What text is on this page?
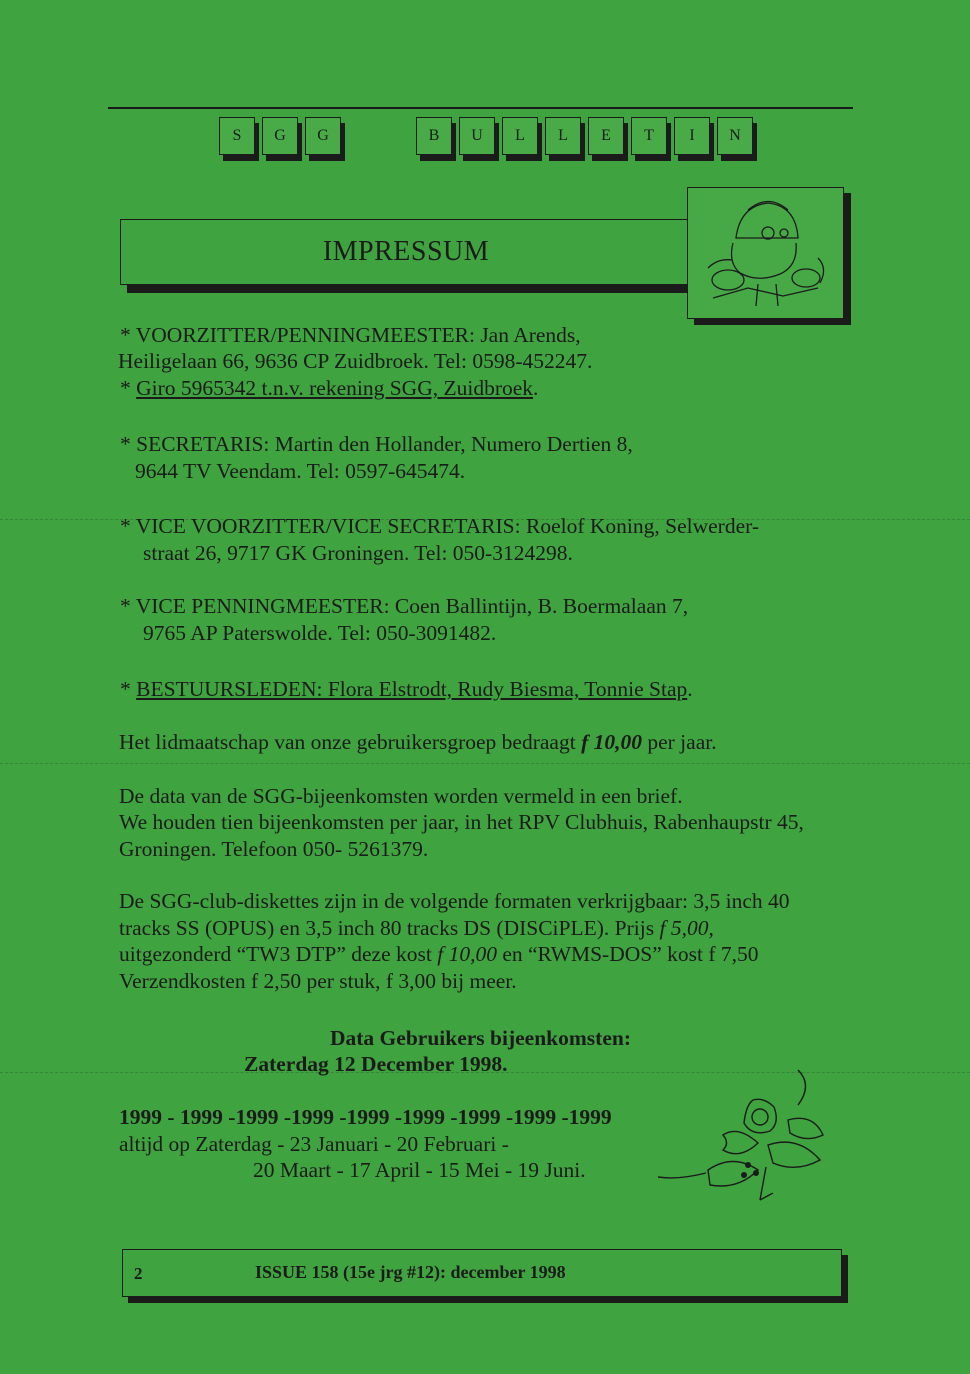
S	G	G	B	U	L	L	E	T	I	N
IMPRESSUM
* VOORZITTER/PENNINGMEESTER: Jan Arends,
Heiligelaan 66, 9636 CP Zuidbroek. Tel: 0598-452247.
* Giro 5965342 t.n.v. rekening SGG, Zuidbroek.
* SECRETARIS: Martin den Hollander, Numero Dertien 8,
9644 TV Veendam. Tel: 0597-645474.
* VICE VOORZITTER/VICE SECRETARIS: Roelof Koning, Selwerder-
straat 26, 9717 GK Groningen. Tel: 050-3124298.
* VICE PENNINGMEESTER: Coen Ballintijn, B. Boermalaan 7,
9765 AP Paterswolde. Tel: 050-3091482.
* BESTUURSLEDEN: Flora Elstrodt, Rudy Biesma, Tonnie Stap.
Het lidmaatschap van onze gebruikersgroep bedraagt f 10,00 per jaar.
De data van de SGG-bijeenkomsten worden vermeld in een brief.
We houden tien bijeenkomsten per jaar, in het RPV Clubhuis, Rabenhaupstr 45,
Groningen. Telefoon 050- 5261379.
De SGG-club-diskettes zijn in de volgende formaten verkrijgbaar: 3,5 inch 40
tracks SS (OPUS) en 3,5 inch 80 tracks DS (DISCiPLE). Prijs f 5,00,
uitgezonderd “TW3 DTP” deze kost f 10,00 en “RWMS-DOS” kost f 7,50
Verzendkosten f 2,50 per stuk, f 3,00 bij meer.
Data Gebruikers bijeenkomsten:
Zaterdag 12 December 1998.
1999 - 1999 -1999 -1999 -1999 -1999 -1999 -1999 -1999
altijd op Zaterdag - 23 Januari - 20 Februari -
20 Maart - 17 April - 15 Mei - 19 Juni.
2	ISSUE 158 (15e jrg #12): december 1998
